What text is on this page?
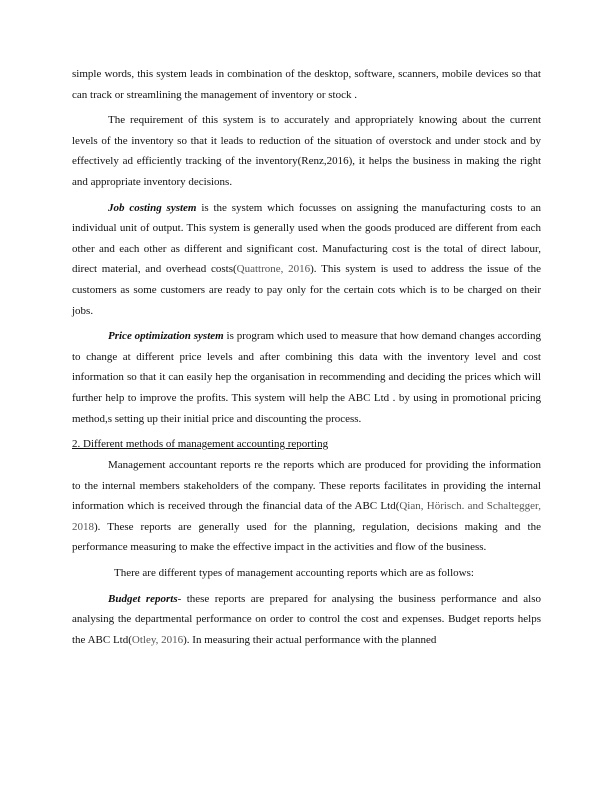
simple words, this system leads in combination of the desktop, software, scanners, mobile devices so that can track or streamlining the management of inventory or stock .

The requirement of this system is to accurately and appropriately knowing about the current levels of the inventory so that it leads to reduction of the situation of overstock and under stock and by effectively ad efficiently tracking of the inventory(Renz,2016), it helps the business in making the right and appropriate inventory decisions.

Job costing system is the system which focusses on assigning the manufacturing costs to an individual unit of output. This system is generally used when the goods produced are different from each other and each other as different and significant cost. Manufacturing cost is the total of direct labour, direct material, and overhead costs(Quattrone, 2016). This system is used to address the issue of the customers as some customers are ready to pay only for the certain cots which is to be charged on their jobs.

Price optimization system is program which used to measure that how demand changes according to change at different price levels and after combining this data with the inventory level and cost information so that it can easily hep the organisation in recommending and deciding the prices which will further help to improve the profits. This system will help the ABC Ltd . by using in promotional pricing method,s setting up their initial price and discounting the process.

2. Different methods of management accounting reporting

Management accountant reports re the reports which are produced for providing the information to the internal members stakeholders of the company. These reports facilitates in providing the internal information which is received through the financial data of the ABC Ltd(Qian, Hörisch. and Schaltegger, 2018). These reports are generally used for the planning, regulation, decisions making and the performance measuring to make the effective impact in the activities and flow of the business.

There are different types of management accounting reports which are as follows:

Budget reports- these reports are prepared for analysing the business performance and also analysing the departmental performance on order to control the cost and expenses. Budget reports helps the ABC Ltd(Otley, 2016). In measuring their actual performance with the planned
